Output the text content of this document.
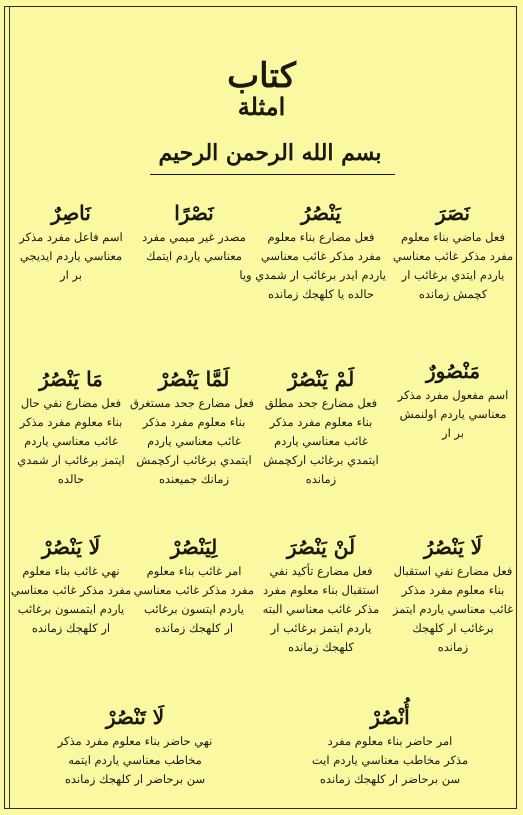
كتاب
امثلة
بسم الله الرحمن الرحيم
نَصَرَ
فعل ماضي بناء معلوم
مفرد مذكر غائب معناسي
ياردم ايتدي برغائب ار
كچمش زمانده
يَنْصُرُ
فعل مضارع بناء معلوم
مفرد مذكر غائب معناسي
ياردم ايدر برغائب ار شمدي ويا
حالده يا كلهجك زمانده
نَصْرًا
مصدر غير ميمي مفرد
معناسي ياردم ايتمك
نَاصِرٌ
اسم فاعل مفرد مذكر
معناسي ياردم ايديجي
بر ار
مَنْصُورٌ
اسم مفعول مفرد مذكر
معناسي ياردم اولنمش
بر ار
لَمْ يَنْصُرْ
فعل مضارع جحد مطلق
بناء معلوم مفرد مذكر
غائب معناسي ياردم
ايتمدي برغائب اركچمش
زمانده
لَمَّا يَنْصُرْ
فعل مضارع جحد مستغرق
بناء معلوم مفرد مذكر
غائب معناسي ياردم
ايتمدي برغائب اركچمش
زمانك جميعنده
مَا يَنْصُرُ
فعل مضارع نفي حال
بناء معلوم مفرد مذكر
غائب معناسي ياردم
ايتمز برغائب ار شمدي
حالده
لَا يَنْصُرُ
فعل مضارع نفي استقبال
بناء معلوم مفرد مذكر
غائب معناسي ياردم ايتمز
برغائب ار كلهجك
زمانده
لَنْ يَنْصُرَ
فعل مضارع تأكيد نفي
استقبال بناء معلوم مفرد
مذكر غائب معناسي البته
ياردم ايتمز برغائب ار
كلهجك زمانده
لِيَنْصُرْ
امر غائب بناء معلوم
مفرد مذكر غائب معناسي
ياردم ايتسون برغائب
ار كلهجك زمانده
لَا يَنْصُرْ
نهي غائب بناء معلوم
مفرد مذكر غائب معناسي
ياردم ايتمسون برغائب
ار كلهجك زمانده
أُنْصُرْ
امر حاضر بناء معلوم مفرد
مذكر مخاطب معناسي ياردم ايت
سن برحاضر ار كلهجك زمانده
لَا تَنْصُرْ
نهي حاضر بناء معلوم مفرد مذكر
مخاطب معناسي ياردم ايتمه
سن برحاضر ار كلهجك زمانده
